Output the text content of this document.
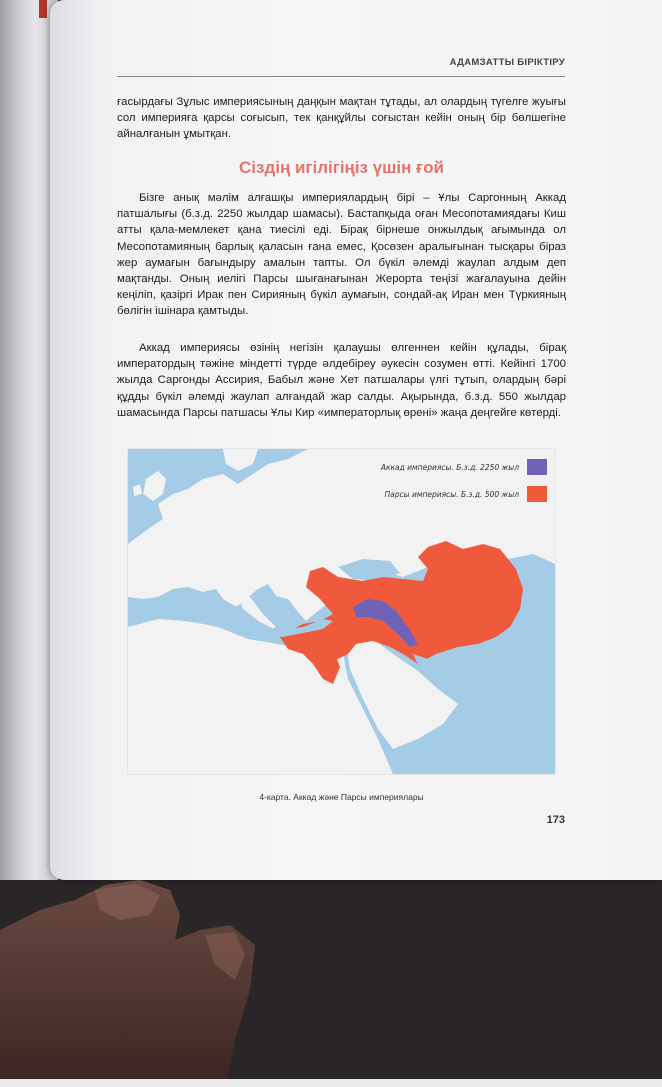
АДАМЗАТТЫ БІРІКТІРУ

ғасырдағы Зұлыс империясының даңқын мақтан тұтады, ал олардың түгелге жуығы сол империяға қарсы соғысып, тек қанқұйлы соғыстан кейін оның бір бөлшегіне айналғанын ұмытқан.

Сіздің игілігіңіз үшін ғой

Бізге анық мәлім алғашқы империялардың бірі – Ұлы Саргонның Аккад патшалығы (б.з.д. 2250 жылдар шамасы). Бастапқыда оған Месопотамиядағы Киш атты қала-мемлекет қана тиесілі еді. Бірақ бірнеше онжылдық ағымында ол Месопотамияның барлық қаласын ғана емес, Қосөзен аралығынан тысқары біраз жер аумағын бағындыру амалын тапты. Ол бүкіл әлемді жаулап алдым деп мақтанды. Оның иелігі Парсы шығанағынан Жерорта теңізі жағалауына дейін кеңіліп, қазіргі Ирак пен Сирияның бүкіл аумағын, сондай-ақ Иран мен Түркияның бөлігін ішінара қамтыды.

Аккад империясы өзінің негізін қалаушы өлгеннен кейін құлады, бірақ императордың тәжіне міндетті түрде әлдебіреу әукесін созумен өтті. Кейінгі 1700 жылда Саргонды Ассирия, Бабыл және Хет патшалары үлгі тұтып, олардың бәрі құдды бүкіл әлемді жаулап алғандай жар салды. Ақырында, б.з.д. 550 жылдар шамасында Парсы патшасы Ұлы Кир «императорлық өрені» жаңа деңгейге көтерді.

Аккад империясы. Б.з.д. 2250 жыл
Парсы империясы. Б.з.д. 500 жыл
4-карта. Аккад және Парсы империялары
173
